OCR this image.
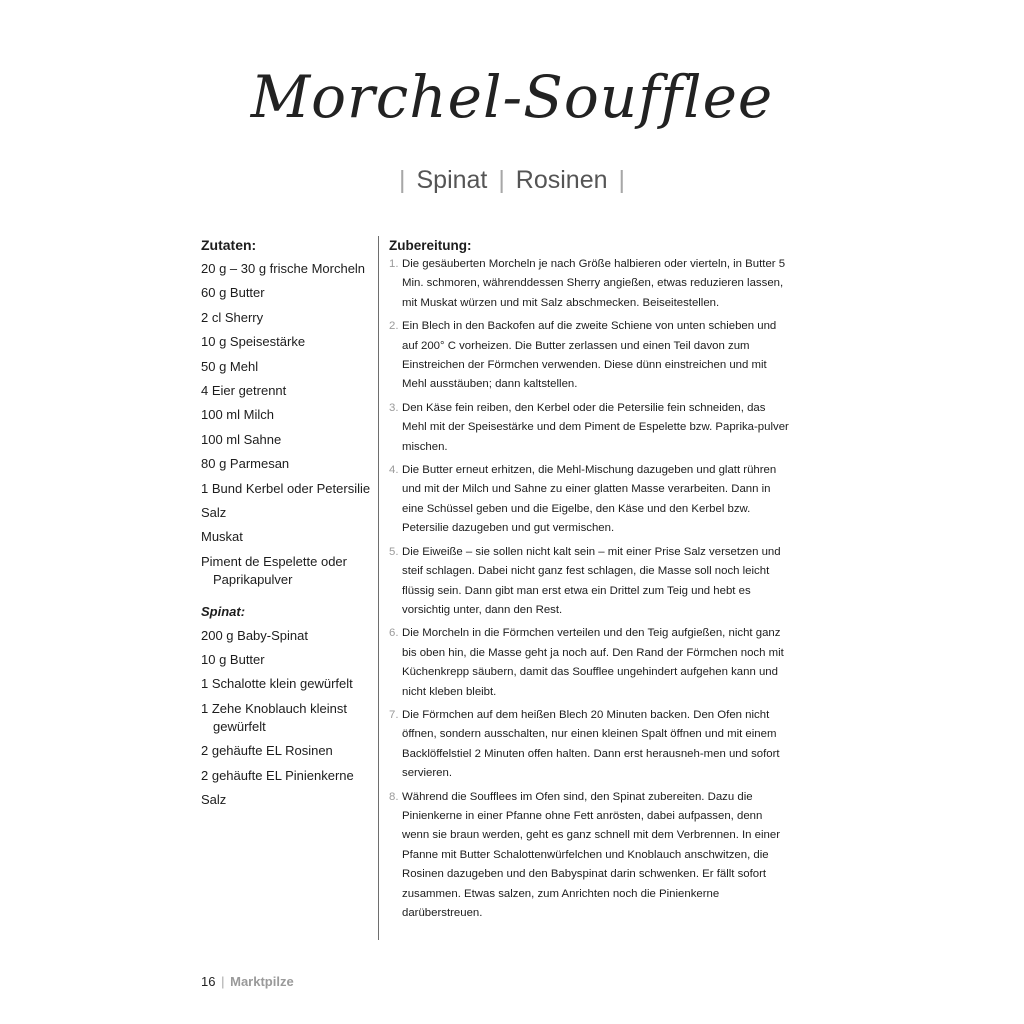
Morchel-Soufflee
| Spinat | Rosinen |
Zutaten:
20 g – 30 g frische Morcheln
60 g Butter
2 cl Sherry
10 g Speisestärke
50 g Mehl
4 Eier getrennt
100 ml Milch
100 ml Sahne
80 g Parmesan
1 Bund Kerbel oder Petersilie
Salz
Muskat
Piment de Espelette oder Paprikapulver
Spinat:
200 g Baby-Spinat
10 g Butter
1 Schalotte klein gewürfelt
1 Zehe Knoblauch kleinst gewürfelt
2 gehäufte EL Rosinen
2 gehäufte EL Pinienkerne
Salz
Zubereitung:
1. Die gesäuberten Morcheln je nach Größe halbieren oder vierteln, in Butter 5 Min. schmoren, währenddessen Sherry angießen, etwas reduzieren lassen, mit Muskat würzen und mit Salz abschmecken. Beiseitestellen.
2. Ein Blech in den Backofen auf die zweite Schiene von unten schieben und auf 200° C vorheizen. Die Butter zerlassen und einen Teil davon zum Einstreichen der Förmchen verwenden. Diese dünn einstreichen und mit Mehl ausstäuben; dann kaltstellen.
3. Den Käse fein reiben, den Kerbel oder die Petersilie fein schneiden, das Mehl mit der Speisestärke und dem Piment de Espelette bzw. Paprika-pulver mischen.
4. Die Butter erneut erhitzen, die Mehl-Mischung dazugeben und glatt rühren und mit der Milch und Sahne zu einer glatten Masse verarbeiten. Dann in eine Schüssel geben und die Eigelbe, den Käse und den Kerbel bzw. Petersilie dazugeben und gut vermischen.
5. Die Eiweiße – sie sollen nicht kalt sein – mit einer Prise Salz versetzen und steif schlagen. Dabei nicht ganz fest schlagen, die Masse soll noch leicht flüssig sein. Dann gibt man erst etwa ein Drittel zum Teig und hebt es vorsichtig unter, dann den Rest.
6. Die Morcheln in die Förmchen verteilen und den Teig aufgießen, nicht ganz bis oben hin, die Masse geht ja noch auf. Den Rand der Förmchen noch mit Küchenkrepp säubern, damit das Soufflee ungehindert aufgehen kann und nicht kleben bleibt.
7. Die Förmchen auf dem heißen Blech 20 Minuten backen. Den Ofen nicht öffnen, sondern ausschalten, nur einen kleinen Spalt öffnen und mit einem Backlöffelstiel 2 Minuten offen halten. Dann erst herausneh-men und sofort servieren.
8. Während die Soufflees im Ofen sind, den Spinat zubereiten. Dazu die Pinienkerne in einer Pfanne ohne Fett anrösten, dabei aufpassen, denn wenn sie braun werden, geht es ganz schnell mit dem Verbrennen. In einer Pfanne mit Butter Schalottenwürfelchen und Knoblauch anschwitzen, die Rosinen dazugeben und den Babyspinat darin schwenken. Er fällt sofort zusammen. Etwas salzen, zum Anrichten noch die Pinienkerne darüberstreuen.
16 | Marktpilze
